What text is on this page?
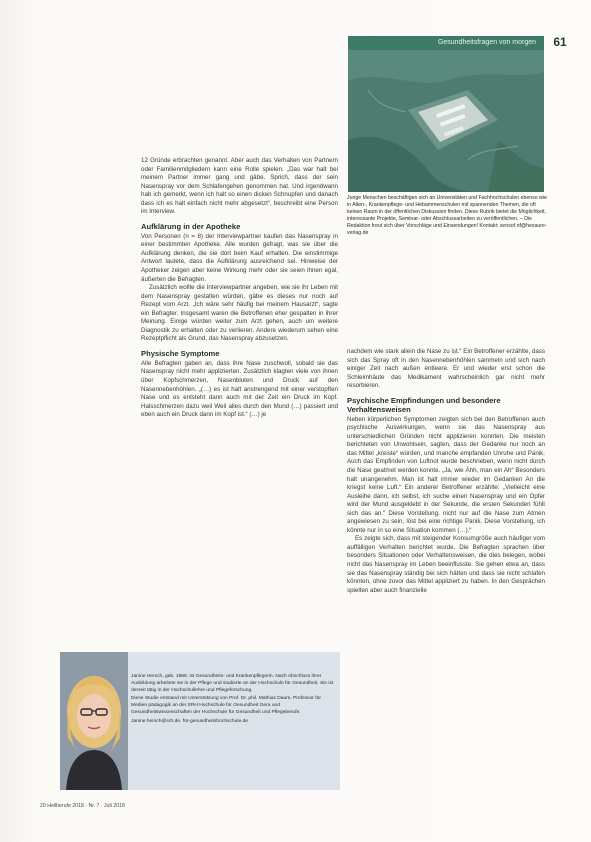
Gesundheitsfragen von morgen	61
Junge Menschen beschäftigen sich an Universitäten und Fachhochschulen ebenso wie in Alten-, Krankenpflege- und Hebammenschulen mit spannenden Themen, die oft keinen Raum in der öffentlichen Diskussion finden. Diese Rubrik bietet die Möglichkeit, interessante Projekte, Seminar- oder Abschlussarbeiten zu veröffentlichen. – Die Redaktion freut sich über Vorschläge und Einsendungen! Kontakt: sensof.nf@hexaure-verlag.de

12 Gründe erbrachten genannt. Aber auch das Verhalten von Partnern oder Familienmitgliedern kann eine Rolle spielen. „Das war halt bei meinem Partner immer gang und gäbe. Sprich, dass der sein Nasenspray vor dem Schlafengehen genommen hat. Und irgendwann hab ich gemerkt, wenn ich halt so einen dicken Schnupfen und danach dass ich es halt einfach nicht mehr abgesetzt“, beschreibt eine Person im Interview.

Aufklärung in der Apotheke

Von Personen (n = 8) der Interviewpartner kaufen das Nasenspray in einer bestimmten Apotheke. Alle wurden gefragt, was sie über die Aufklärung denken, die sie dort beim Kauf erhalten. Die einstimmige Antwort lautete, dass die Aufklärung ausreichend sei. Hinweise der Apotheker zeigen aber keine Wirkung mehr oder sie seien ihnen egal, äußerten die Befragten.

Zusätzlich wollte die Interviewpartner angeben, wie sie ihr Leben mit dem Nasenspray gestalten würden, gäbe es dieses nur noch auf Rezept vom Arzt. „Ich wäre sehr häufig bei meinem Hausarzt“, sagte ein Befragter. Insgesamt waren die Betroffenen eher gespalten in ihrer Meinung. Einige würden weiter zum Arzt gehen, auch um weitere Diagnostik zu erhalten oder zu verlieren. Andere wiederum sehen eine Rezeptpflicht als Grund, das Nasenspray abzusetzen.

Physische Symptome

Alle Befragten gaben an, dass ihre Nase zuschwoll, sobald sie das Nasenspray nicht mehr applizierten. Zusätzlich klagten viele von ihnen über Kopfschmerzen, Nasenbluten und Druck auf den Nasennebenhöhlen. „(…) es ist halt anstrengend mit einer verstopften Nase und es entsteht dann auch mit der Zeit ein Druck im Kopf. Halsschmerzen dazu weil Weil alles durch den Mund (…) passiert und eben auch ein Druck dann im Kopf ist.“ (…) je

nachdem wie stark allein die Nase zu ist.“ Ein Betroffener erzählte, dass sich das Spray oft in den Nasennebenhöhlen sammeln und sich nach einiger Zeit nach außen entleere. Er und wieder erst schon die Schleimhäute das Medikament wahrscheinlich gar nicht mehr resorbieren.

Psychische Empfindungen und besondere Verhaltensweisen

Neben körperlichen Symptomen zeigten sich bei den Betroffenen auch psychische Auswirkungen, wenn sie das Nasenspray aus unterschiedlichen Gründen nicht applizieren konnten. Die meisten berichteten von Unwohlsein, sagten, dass der Gedanke nur noch an das Mittel „kreiste“ würden, und manche empfanden Unruhe und Panik. Auch das Empfinden von Luftnot wurde beschrieben, wenn nicht durch die Nase geatmet werden konnte. „Ja, wie Ähh, man ein Ah“ Besonders halt unangenehm. Man ist halt immer wieder im Gedanken An die kriegst keine Luft.“ Ein anderer Betroffener erzählte: „Vielleicht eine Ausleihe dann, ich selbst, ich suche einen Nasenspray und ein Opfer wird der Mund ausgeklebt in der Sekunde, die ersten Sekunden fühlt sich das an.“ Diese Vorstellung, nicht nur auf die Nase zum Atmen angewiesen zu sein, löst bei eine richtige Panik. Diese Vorstellung, ich könnte nur in so eine Situation kommen (…).“

Es zeigte sich, dass mit steigender Konsumgröße auch häufiger vom auffälligen Verhalten berichtet wurde. Die Befragten sprachen über besonders Situationen oder Verhaltensweisen, die dies belegen, wobei nicht das Nasenspray im Leben beeinflusste. Sie gehen etwa an, dass sie das Nasenspray ständig bei sich hätten und dass sie nicht schlafen könnten, ohne zuvor das Mittel appliziert zu haben. In den Gesprächen spielten aber auch finanzielle

Janine Hersch, geb. 1988, ist Gesundheits- und Krankenpflegerin. Nach Abschluss ihrer Ausbildung arbeitete sie in der Pflege und studierte an der Hochschule für Gesundheit. Sie ist derzeit tätig in der Hochschullehre und Pflegeforschung.

Diese Studie entstand mit Unterstützung von Prof. Dr. phil. Mathias Daum, Professor für Medien pädagogik an der SRH Hochschule für Gesundheit Gera und Gesundheitswissenschaften der Hochschule für Gesundheit und Pflegeberufe.

Janine.hersch@srh.de, für-gesundheitshochschule.de

20 Heilberufe 2018 · Nr. 7 · Juli 2018
